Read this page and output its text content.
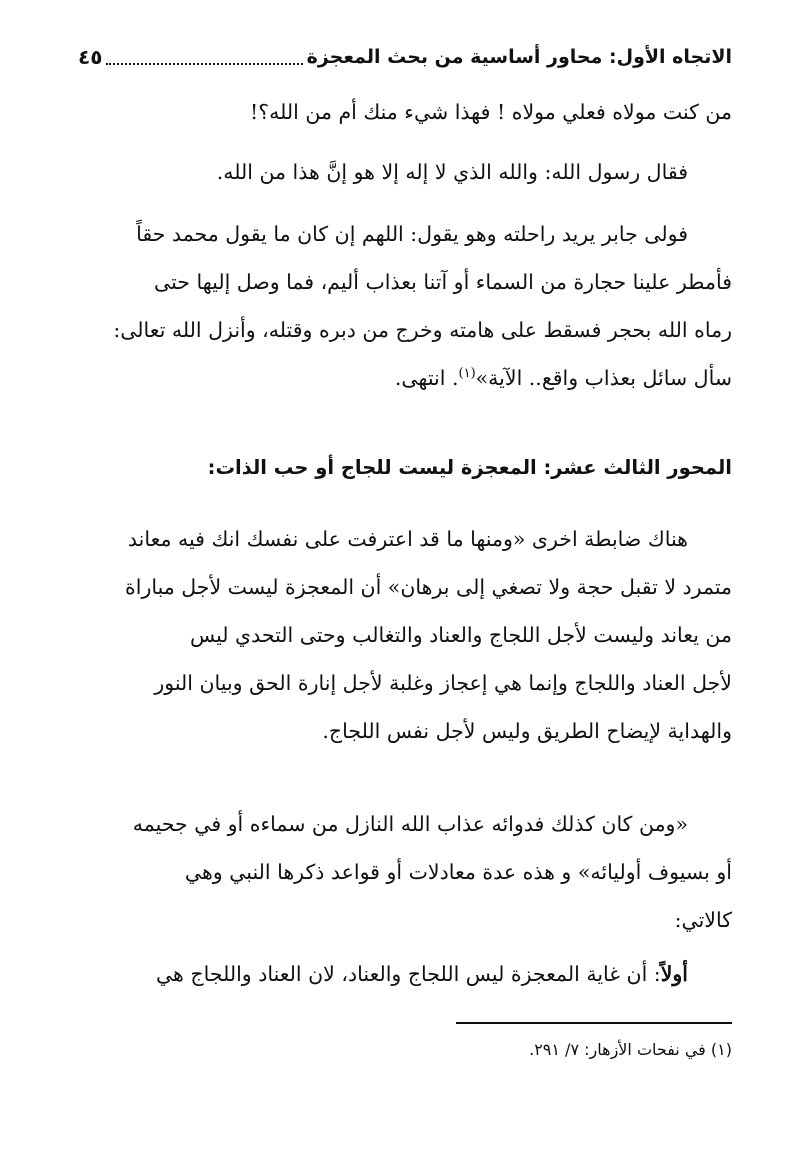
الاتجاه الأول: محاور أساسية من بحث المعجزة
٤٥

من كنت مولاه فعلي مولاه ! فهذا شيء منك أم من الله؟!

فقال رسول الله: والله الذي لا إله إلا هو إنَّ هذا من الله.

فولى جابر يريد راحلته وهو يقول: اللهم إن كان ما يقول محمد حقاً

فأمطر علينا حجارة من السماء أو آتنا بعذاب أليم، فما وصل إليها حتى

رماه الله بحجر فسقط على هامته وخرج من دبره وقتله، وأنزل الله تعالى:

سأل سائل بعذاب واقع.. الآية»$^{(١)}$. انتهى.

المحور الثالث عشر: المعجزة ليست للجاج أو حب الذات:

هناك ضابطة اخرى «ومنها ما قد اعترفت على نفسك انك فيه معاند

متمرد لا تقبل حجة ولا تصغي إلى برهان» أن المعجزة ليست لأجل مباراة

من يعاند وليست لأجل اللجاج والعناد والتغالب وحتى التحدي ليس

لأجل العناد واللجاج وإنما هي إعجاز وغلبة لأجل إنارة الحق وبيان النور

والهداية لإيضاح الطريق وليس لأجل نفس اللجاج.

«ومن كان كذلك فدوائه عذاب الله النازل من سماءه أو في جحيمه

أو بسيوف أوليائه» و هذه عدة معادلات أو قواعد ذكرها النبي وهي

كالاتي:

أولاً: أن غاية المعجزة ليس اللجاج والعناد، لان العناد واللجاج هي

(١) في نفحات الأزهار: ٧/ ٢٩١.
